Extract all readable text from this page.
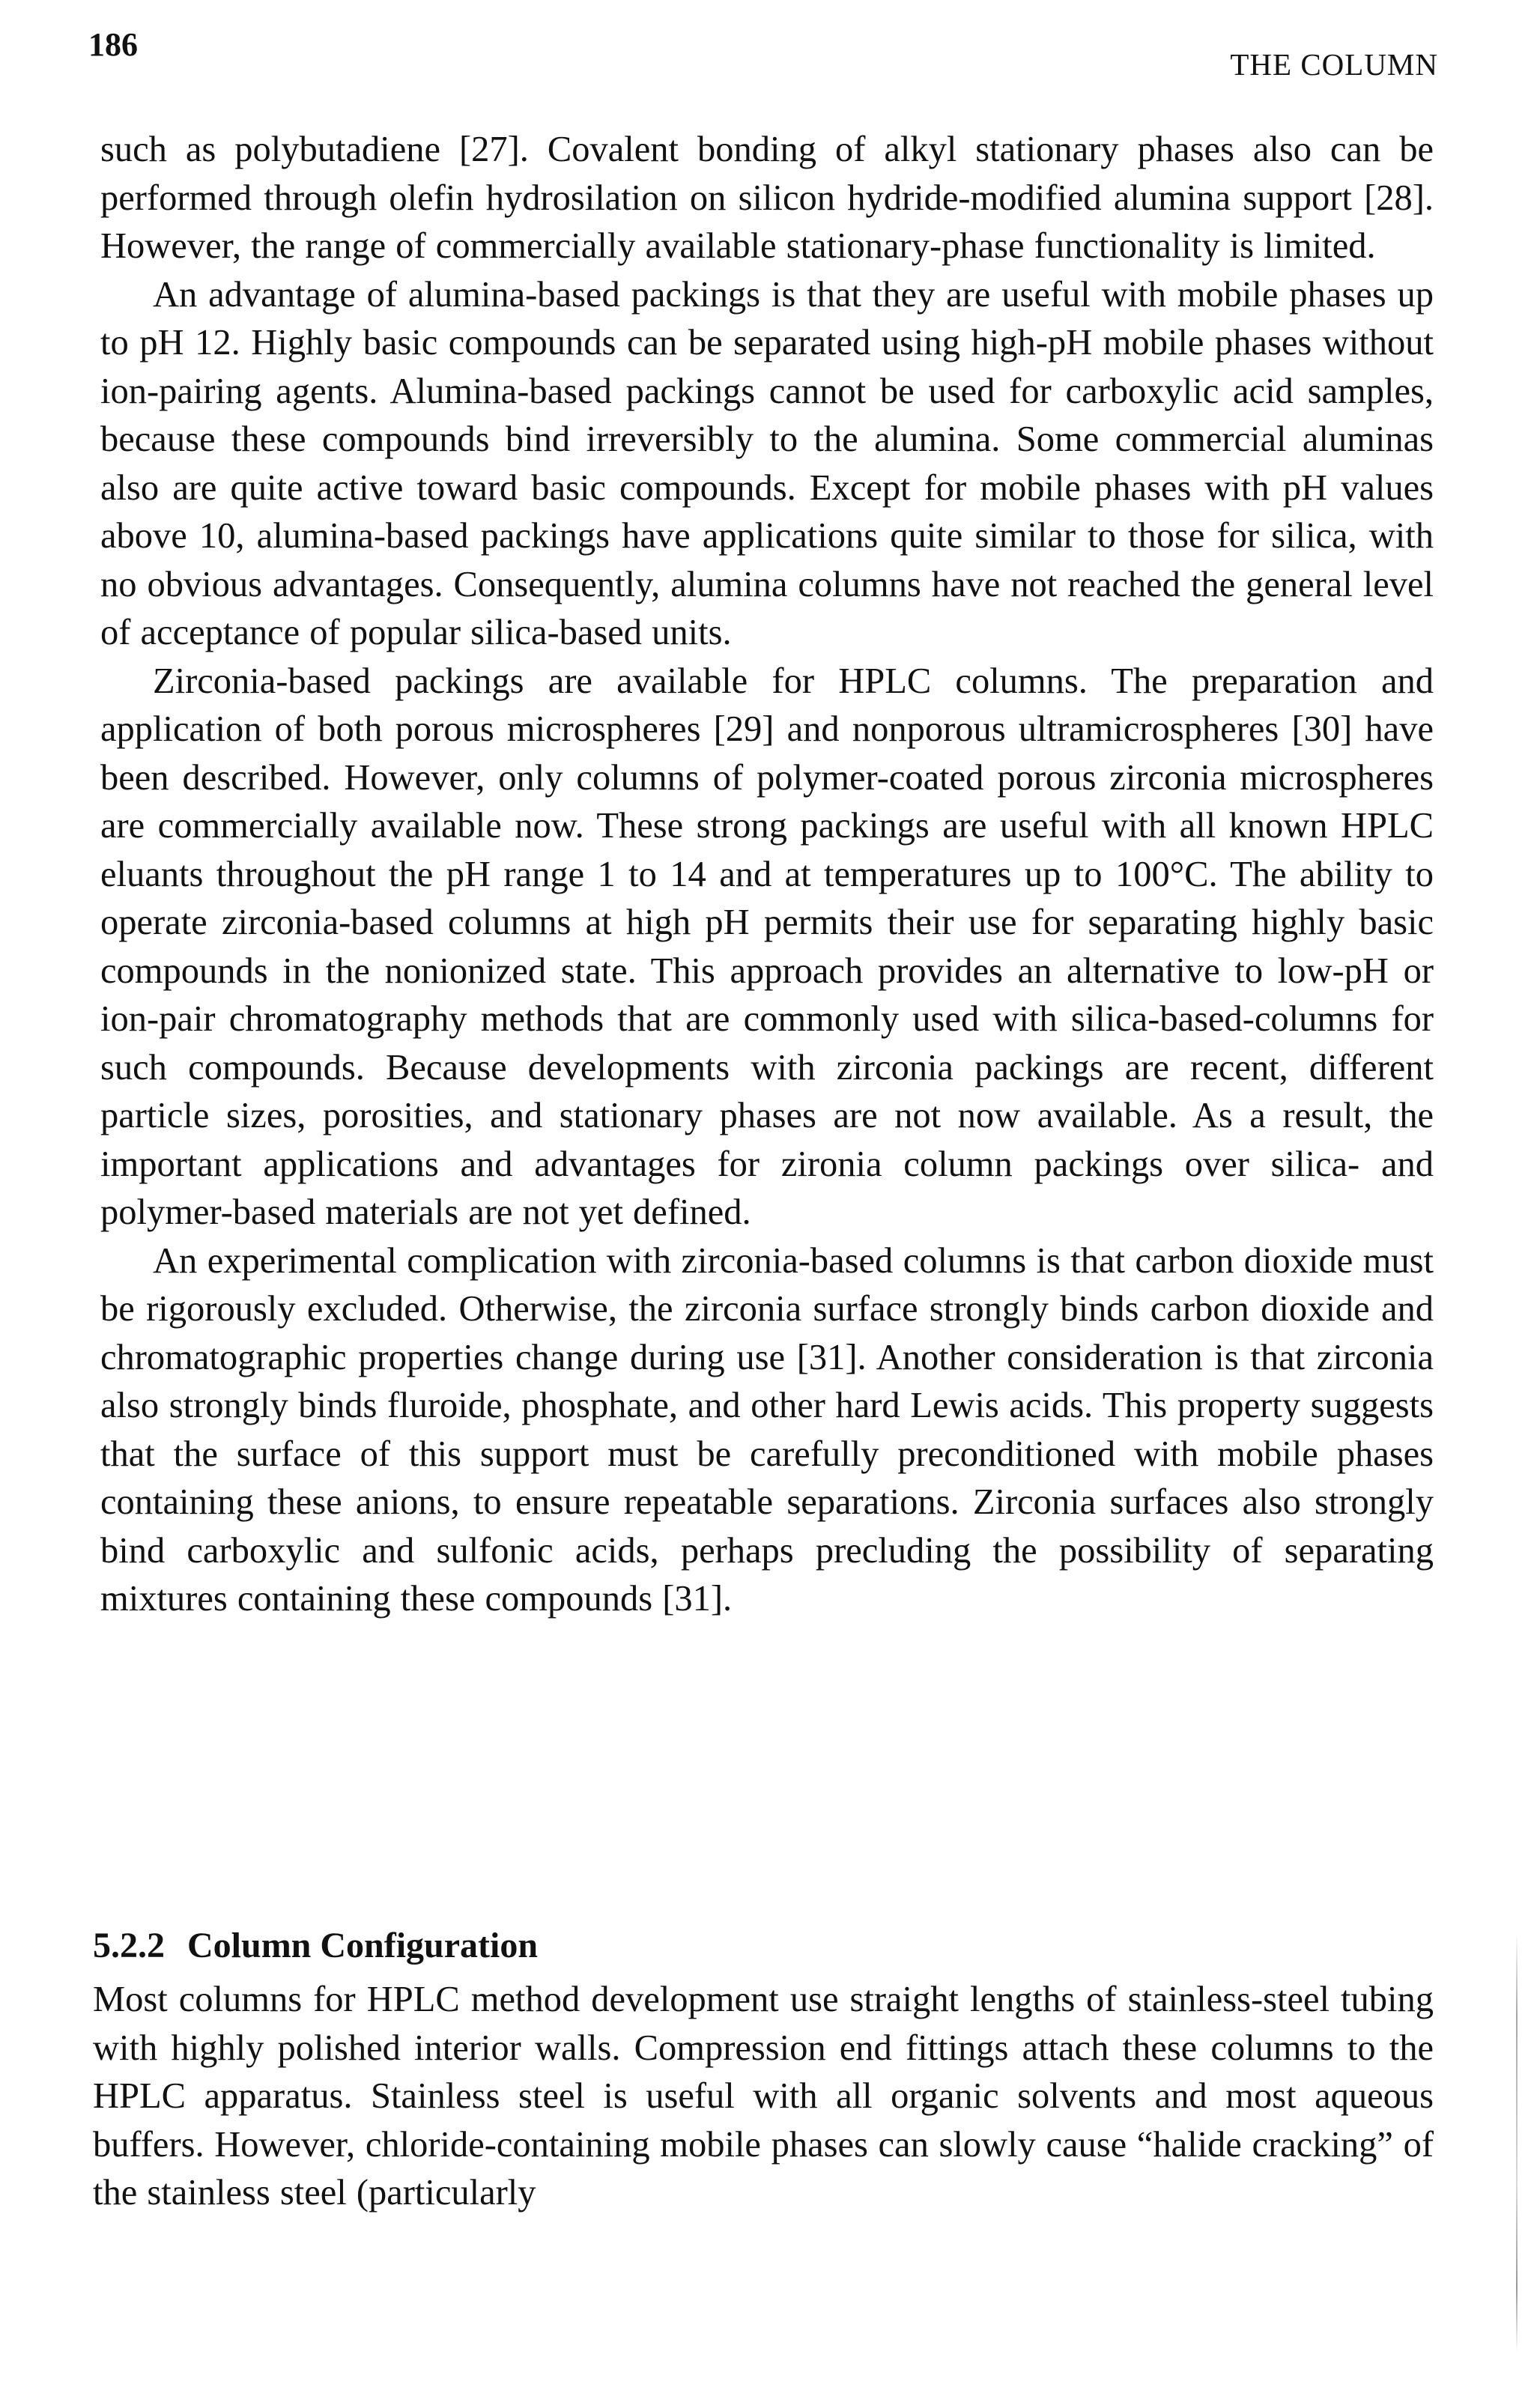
186
THE COLUMN

such as polybutadiene [27]. Covalent bonding of alkyl stationary phases also can be performed through olefin hydrosilation on silicon hydride-modified alumina support [28]. However, the range of commercially available stationary-phase functionality is limited.

An advantage of alumina-based packings is that they are useful with mobile phases up to pH 12. Highly basic compounds can be separated using high-pH mobile phases without ion-pairing agents. Alumina-based packings cannot be used for carboxylic acid samples, because these compounds bind irreversibly to the alumina. Some commercial aluminas also are quite active toward basic compounds. Except for mobile phases with pH values above 10, alumina-based packings have applications quite similar to those for silica, with no obvious advantages. Consequently, alumina columns have not reached the general level of acceptance of popular silica-based units.

Zirconia-based packings are available for HPLC columns. The preparation and application of both porous microspheres [29] and nonporous ultramicrospheres [30] have been described. However, only columns of polymer-coated porous zirconia microspheres are commercially available now. These strong packings are useful with all known HPLC eluants throughout the pH range 1 to 14 and at temperatures up to 100°C. The ability to operate zirconia-based columns at high pH permits their use for separating highly basic compounds in the nonionized state. This approach provides an alternative to low-pH or ion-pair chromatography methods that are commonly used with silica-based-columns for such compounds. Because developments with zirconia packings are recent, different particle sizes, porosities, and stationary phases are not now available. As a result, the important applications and advantages for zironia column packings over silica- and polymer-based materials are not yet defined.

An experimental complication with zirconia-based columns is that carbon dioxide must be rigorously excluded. Otherwise, the zirconia surface strongly binds carbon dioxide and chromatographic properties change during use [31]. Another consideration is that zirconia also strongly binds fluroide, phosphate, and other hard Lewis acids. This property suggests that the surface of this support must be carefully preconditioned with mobile phases containing these anions, to ensure repeatable separations. Zirconia surfaces also strongly bind carboxylic and sulfonic acids, perhaps precluding the possibility of separating mixtures containing these compounds [31].

5.2.2 Column Configuration

Most columns for HPLC method development use straight lengths of stainless-steel tubing with highly polished interior walls. Compression end fittings attach these columns to the HPLC apparatus. Stainless steel is useful with all organic solvents and most aqueous buffers. However, chloride-containing mobile phases can slowly cause “halide cracking” of the stainless steel (particularly
